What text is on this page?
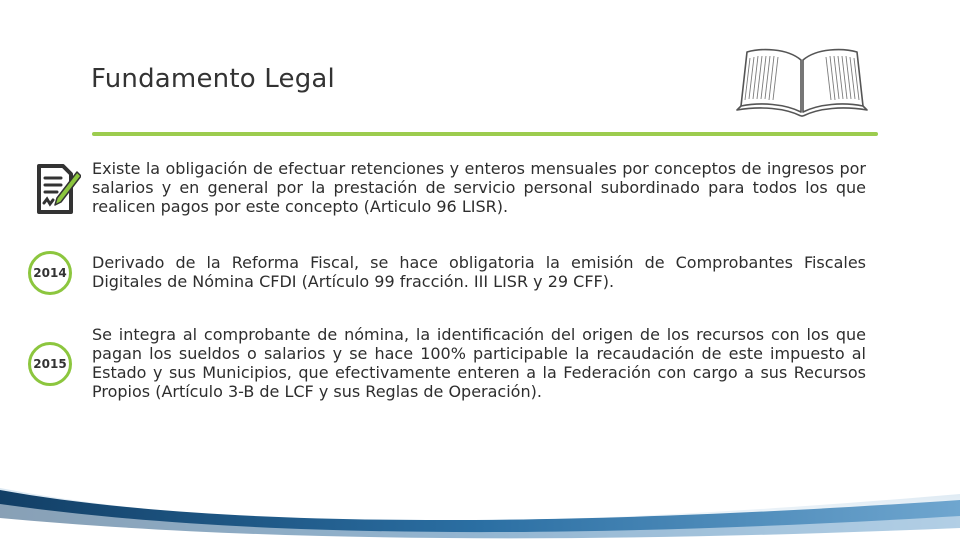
Fundamento Legal
Existe la obligación de efectuar retenciones y enteros mensuales por conceptos de ingresos por salarios y en general por la prestación de servicio personal subordinado para todos los que realicen pagos por este concepto (Articulo 96 LISR).
2014
Derivado de la Reforma Fiscal, se hace obligatoria la emisión de Comprobantes Fiscales Digitales de Nómina CFDI (Artículo 99 fracción. III LISR y 29 CFF).
2015
Se integra al comprobante de nómina, la identificación del origen de los recursos con los que pagan los sueldos o salarios y se hace 100% participable la recaudación de este impuesto al Estado y sus Municipios, que efectivamente enteren a la Federación con cargo a sus Recursos Propios (Artículo 3-B de LCF y sus Reglas de Operación).
